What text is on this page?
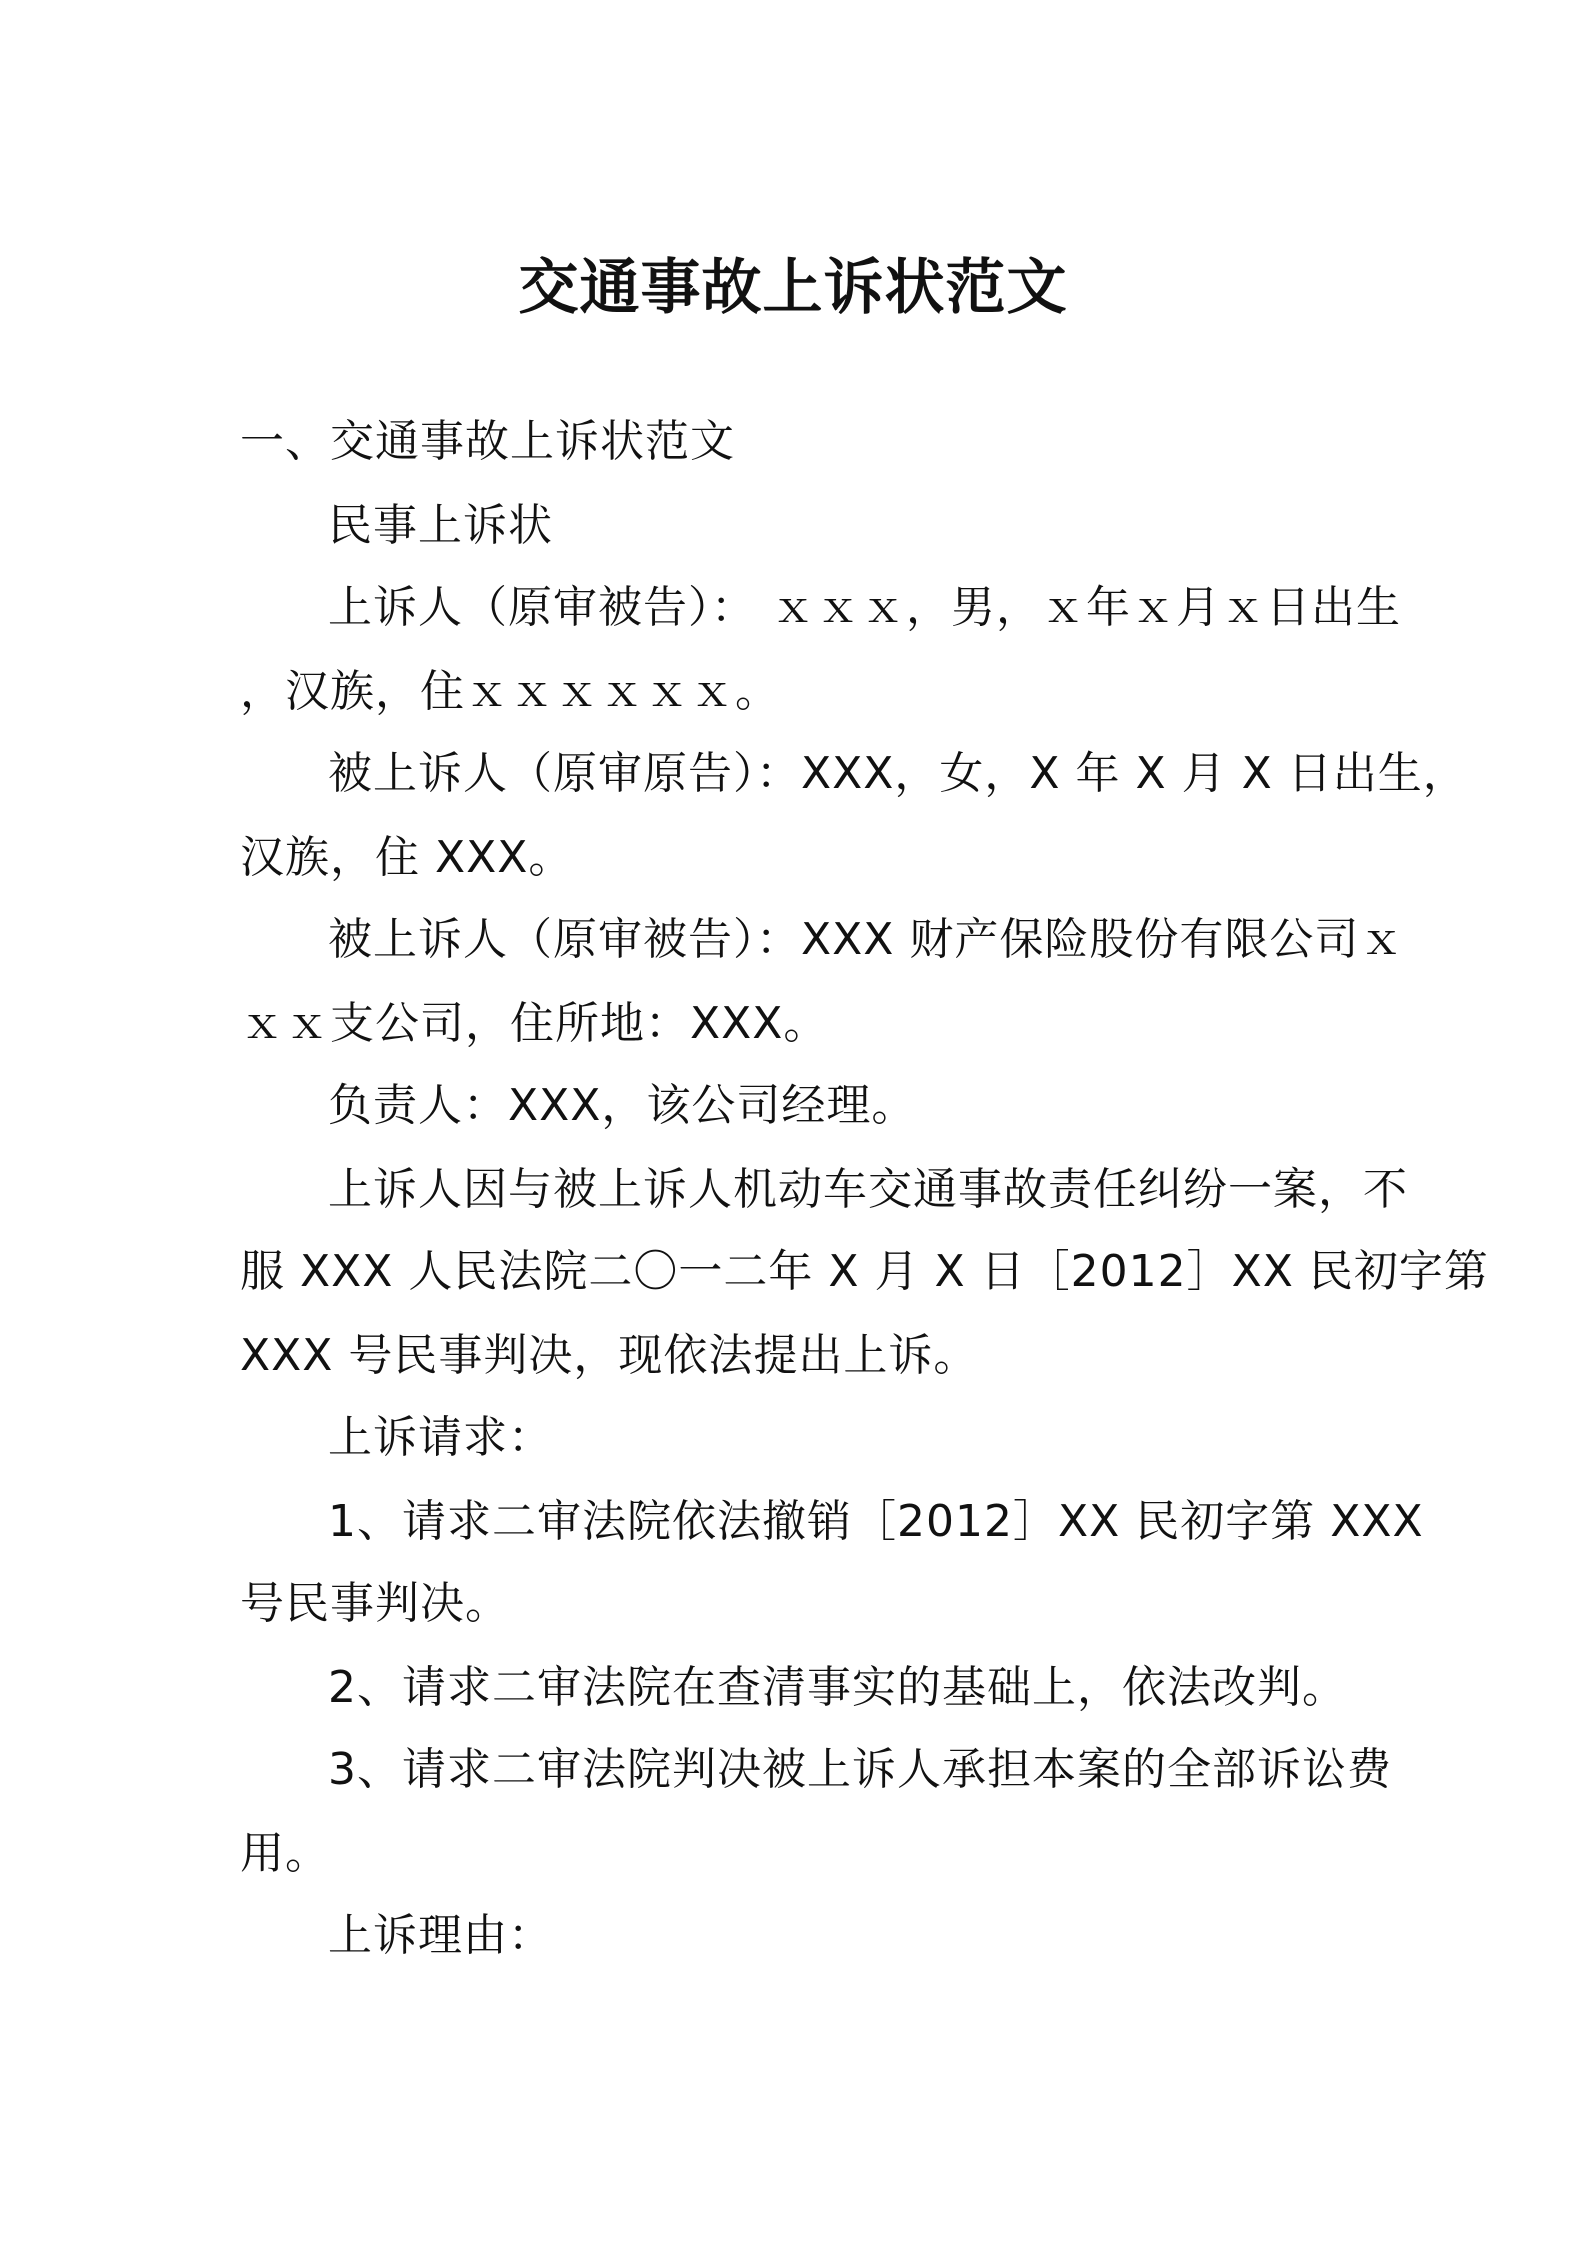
交通事故上诉状范文
一、交通事故上诉状范文
民事上诉状
上诉人（原审被告）： ｘｘｘ，男，ｘ年ｘ月ｘ日出生
，汉族，住ｘｘｘｘｘｘ。
被上诉人（原审原告）：XXX，女，X 年 X 月 X 日出生，
汉族，住 XXX。
被上诉人（原审被告）：XXX 财产保险股份有限公司ｘ
ｘｘ支公司，住所地：XXX。
负责人：XXX，该公司经理。
上诉人因与被上诉人机动车交通事故责任纠纷一案，不
服 XXX 人民法院二〇一二年 X 月 X 日［2012］XX 民初字第
XXX 号民事判决，现依法提出上诉。
上诉请求：
1、请求二审法院依法撤销［2012］XX 民初字第 XXX
号民事判决。
2、请求二审法院在查清事实的基础上，依法改判。
3、请求二审法院判决被上诉人承担本案的全部诉讼费
用。
上诉理由：
